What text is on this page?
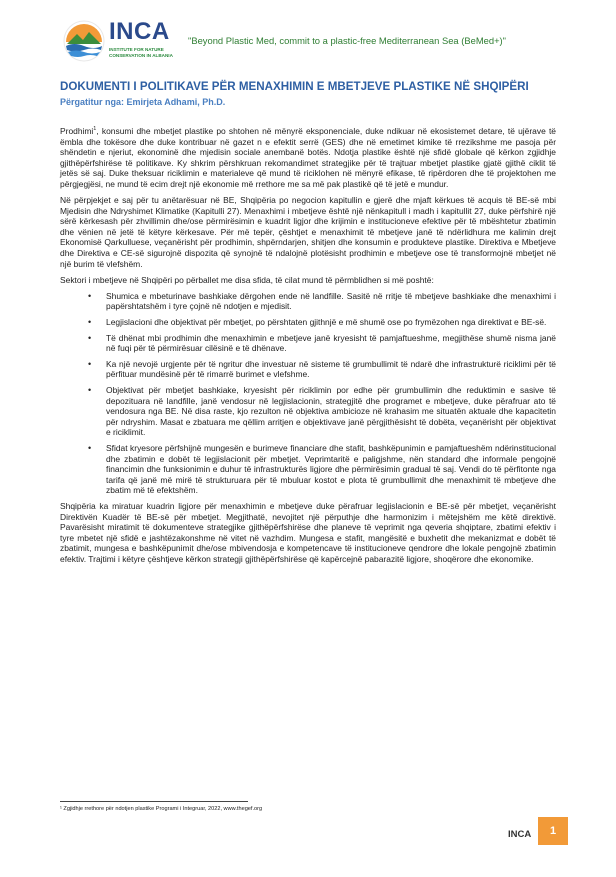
INCA
INSTITUTE FOR NATURE CONSERVATION IN ALBANIA
"Beyond Plastic Med, commit to a plastic-free Mediterranean Sea (BeMed+)"
DOKUMENTI I POLITIKAVE PËR MENAXHIMIN E MBETJEVE PLASTIKE NË SHQIPËRI
Përgatitur nga: Emirjeta Adhami, Ph.D.

Prodhimi$^1$, konsumi dhe mbetjet plastike po shtohen në mënyrë eksponenciale, duke ndikuar në ekosistemet detare, të ujërave të ëmbla dhe tokësore dhe duke kontribuar në gazet n e efektit serrë (GES) dhe në emetimet kimike të rrezikshme me pasoja për shëndetin e njeriut, ekonominë dhe mjedisin sociale anembanë botës. Ndotja plastike është një sfidë globale që kërkon zgjidhje gjithëpërfshirëse të politikave. Ky shkrim përshkruan rekomandimet strategjike për të trajtuar mbetjet plastike gjatë gjithë ciklit të jetës së saj. Duke theksuar riciklimin e materialeve që mund të riciklohen në mënyrë efikase, të ripërdoren dhe të projektohen me përgjegjësi, ne mund të ecim drejt një ekonomie më rrethore me sa më pak plastikë që të jetë e mundur.

Në përpjekjet e saj për tu anëtarësuar në BE, Shqipëria po negocion kapitullin e gjerë dhe mjaft kërkues të acquis të BE-së mbi Mjedisin dhe Ndryshimet Klimatike (Kapitulli 27). Menaxhimi i mbetjeve është një nënkapitull i madh i kapitullit 27, duke përfshirë një sërë kërkesash për zhvillimin dhe/ose përmirësimin e kuadrit ligjor dhe krijimin e institucioneve efektive për të mbështetur zbatimin dhe vënien në jetë të këtyre kërkesave. Për më tepër, çështjet e menaxhimit të mbetjeve janë të ndërlidhura me kalimin drejt Ekonomisë Qarkulluese, veçanërisht për prodhimin, shpërndarjen, shitjen dhe konsumin e produkteve plastike. Direktiva e Mbetjeve dhe Direktiva e CE-së sigurojnë dispozita që synojnë të ndalojnë plotësisht prodhimin e mbetjeve ose të transformojnë mbetjet në një burim të vlefshëm.

Sektori i mbetjeve në Shqipëri po përballet me disa sfida, të cilat mund të përmblidhen si më poshtë:

• Shumica e mbeturinave bashkiake dërgohen ende në landfille. Sasitë në rritje të mbetjeve bashkiake dhe menaxhimi i papërshtatshëm i tyre çojnë në ndotjen e mjedisit.
• Legjislacioni dhe objektivat për mbetjet, po përshtaten gjithnjë e më shumë ose po frymëzohen nga direktivat e BE-së.
• Të dhënat mbi prodhimin dhe menaxhimin e mbetjeve janë kryesisht të pamjaftueshme, megjithëse shumë nisma janë në fuqi për të përmirësuar cilësinë e të dhënave.
• Ka një nevojë urgjente për të ngritur dhe investuar në sisteme të grumbullimit të ndarë dhe infrastrukturë riciklimi për të përfituar mundësinë për të rimarrë burimet e vlefshme.
• Objektivat për mbetjet bashkiake, kryesisht për riciklimin por edhe për grumbullimin dhe reduktimin e sasive të depozituara në landfille, janë vendosur në legjislacionin, strategjitë dhe programet e mbetjeve, duke përafruar ato të vendosura nga BE. Në disa raste, kjo rezulton në objektiva ambicioze në krahasim me situatën aktuale dhe kapacitetin për ndryshim. Masat e zbatuara me qëllim arritjen e objektivave janë përgjithësisht të dobëta, veçanërisht për objektivat e riciklimit.
• Sfidat kryesore përfshijnë mungesën e burimeve financiare dhe stafit, bashkëpunimin e pamjaftueshëm ndërinstitucional dhe zbatimin e dobët të legjislacionit për mbetjet. Veprimtaritë e paligjshme, nën standard dhe informale pengojnë financimin dhe funksionimin e duhur të infrastrukturës ligjore dhe përmirësimin gradual të saj. Vendi do të përfitonte nga tarifa që janë më mirë të strukturuara për të mbuluar kostot e plota të grumbullimit dhe menaxhimit të mbetjeve dhe zbatim më të efektshëm.

Shqipëria ka miratuar kuadrin ligjore për menaxhimin e mbetjeve duke përafruar legjislacionin e BE-së për mbetjet, veçanërisht Direktivën Kuadër të BE-së për mbetjet. Megjithatë, nevojitet një përputhje dhe harmonizim i mëtejshëm me këtë direktivë. Pavarësisht miratimit të dokumenteve strategjike gjithëpërfshirëse dhe planeve të veprimit nga qeveria shqiptare, zbatimi efektiv i tyre mbetet një sfidë e jashtëzakonshme në vitet në vazhdim. Mungesa e stafit, mangësitë e buxhetit dhe mekanizmat e dobët të zbatimit, mungesa e bashkëpunimit dhe/ose mbivendosja e kompetencave të institucioneve qendrore dhe lokale pengojnë zbatimin efektiv. Trajtimi i këtyre çështjeve kërkon strategji gjithëpërfshirëse që kapërcejnë pabarazitë ligjore, shoqërore dhe ekonomike.

¹ Zgjidhje rrethore për ndotjen plastike Programi i Integruar, 2022, www.thegef.org
INCA	1
